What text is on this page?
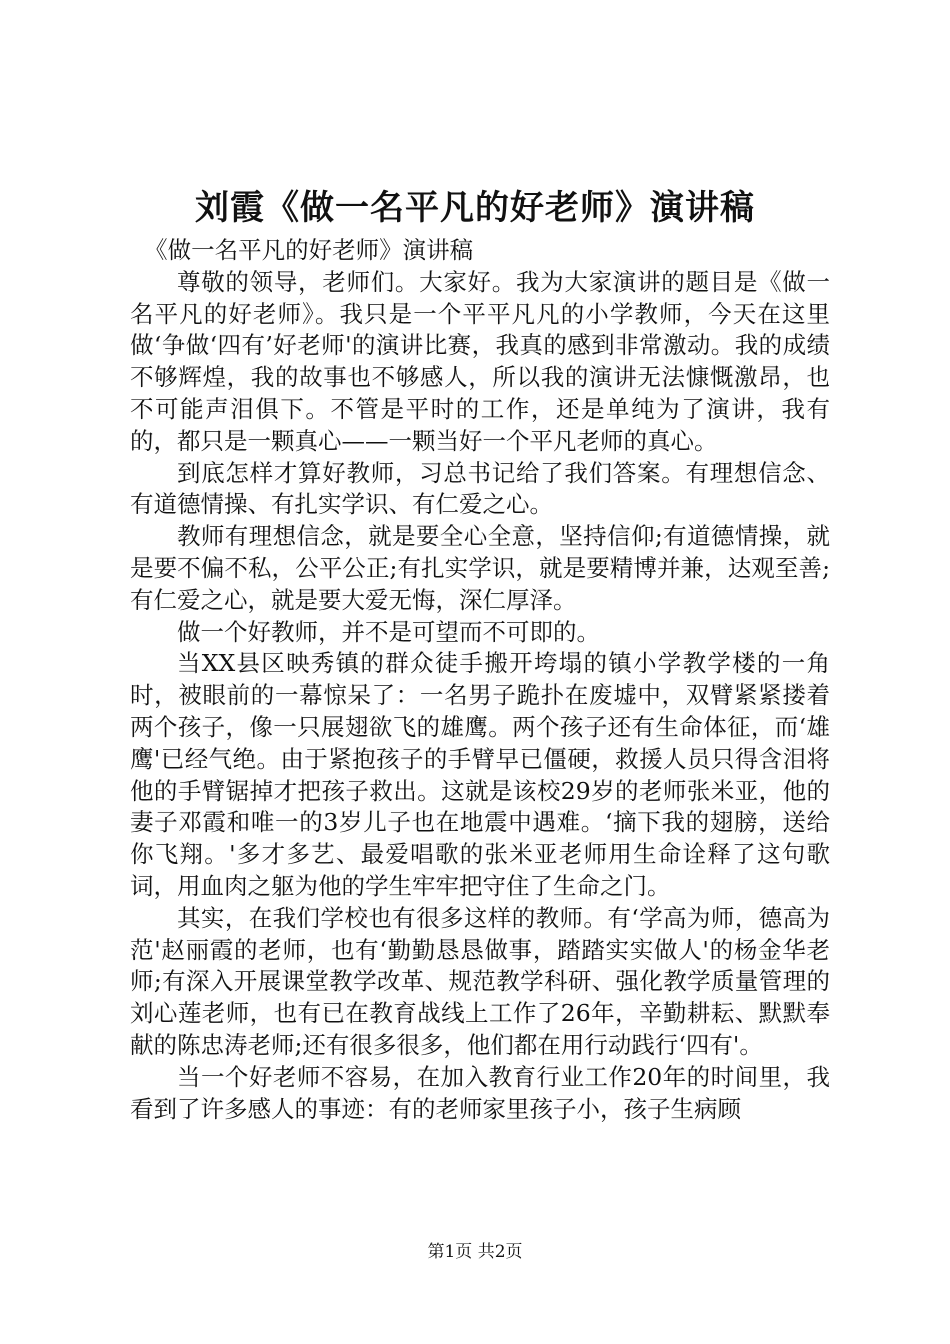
刘霞《做一名平凡的好老师》演讲稿

《做一名平凡的好老师》演讲稿

尊敬的领导，老师们。大家好。我为大家演讲的题目是《做一名平凡的好老师》。我只是一个平平凡凡的小学教师，今天在这里做‘争做‘四有’好老师'的演讲比赛，我真的感到非常激动。我的成绩不够辉煌，我的故事也不够感人，所以我的演讲无法慷慨激昂，也不可能声泪俱下。不管是平时的工作，还是单纯为了演讲，我有的，都只是一颗真心——一颗当好一个平凡老师的真心。

到底怎样才算好教师，习总书记给了我们答案。有理想信念、有道德情操、有扎实学识、有仁爱之心。

教师有理想信念，就是要全心全意，坚持信仰;有道德情操，就是要不偏不私，公平公正;有扎实学识，就是要精博并兼，达观至善;有仁爱之心，就是要大爱无悔，深仁厚泽。

做一个好教师，并不是可望而不可即的。

当XX县区映秀镇的群众徒手搬开垮塌的镇小学教学楼的一角时，被眼前的一幕惊呆了：一名男子跪扑在废墟中，双臂紧紧搂着两个孩子，像一只展翅欲飞的雄鹰。两个孩子还有生命体征，而‘雄鹰'已经气绝。由于紧抱孩子的手臂早已僵硬，救援人员只得含泪将他的手臂锯掉才把孩子救出。这就是该校29岁的老师张米亚，他的妻子邓霞和唯一的3岁儿子也在地震中遇难。‘摘下我的翅膀，送给你飞翔。'多才多艺、最爱唱歌的张米亚老师用生命诠释了这句歌词，用血肉之躯为他的学生牢牢把守住了生命之门。

其实，在我们学校也有很多这样的教师。有‘学高为师，德高为范'赵丽霞的老师，也有‘勤勤恳恳做事，踏踏实实做人'的杨金华老师;有深入开展课堂教学改革、规范教学科研、强化教学质量管理的刘心莲老师，也有已在教育战线上工作了26年，辛勤耕耘、默默奉献的陈忠涛老师;还有很多很多，他们都在用行动践行‘四有'。

当一个好老师不容易，在加入教育行业工作20年的时间里，我看到了许多感人的事迹：有的老师家里孩子小，孩子生病顾

第1页 共2页
